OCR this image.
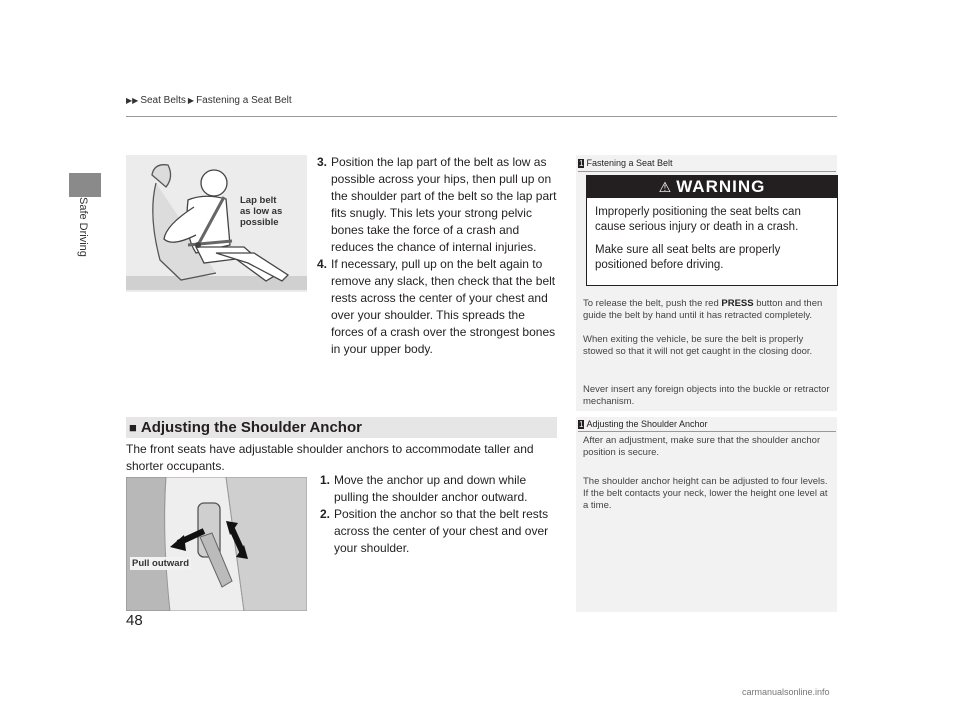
Safe Driving
▶▶ Seat Belts ▶ Fastening a Seat Belt
Lap belt
as low as
possible
3. Position the lap part of the belt as low as possible across your hips, then pull up on the shoulder part of the belt so the lap part fits snugly. This lets your strong pelvic bones take the force of a crash and reduces the chance of internal injuries.
4. If necessary, pull up on the belt again to remove any slack, then check that the belt rests across the center of your chest and over your shoulder. This spreads the forces of a crash over the strongest bones in your upper body.
■ Adjusting the Shoulder Anchor
The front seats have adjustable shoulder anchors to accommodate taller and shorter occupants.
Pull outward
1. Move the anchor up and down while pulling the shoulder anchor outward.
2. Position the anchor so that the belt rests across the center of your chest and over your shoulder.
1 Fastening a Seat Belt
⚠ WARNING
Improperly positioning the seat belts can cause serious injury or death in a crash.
Make sure all seat belts are properly positioned before driving.
To release the belt, push the red PRESS button and then guide the belt by hand until it has retracted completely.
When exiting the vehicle, be sure the belt is properly stowed so that it will not get caught in the closing door.
Never insert any foreign objects into the buckle or retractor mechanism.
1 Adjusting the Shoulder Anchor
After an adjustment, make sure that the shoulder anchor position is secure.
The shoulder anchor height can be adjusted to four levels. If the belt contacts your neck, lower the height one level at a time.
48
carmanualsonline.info
